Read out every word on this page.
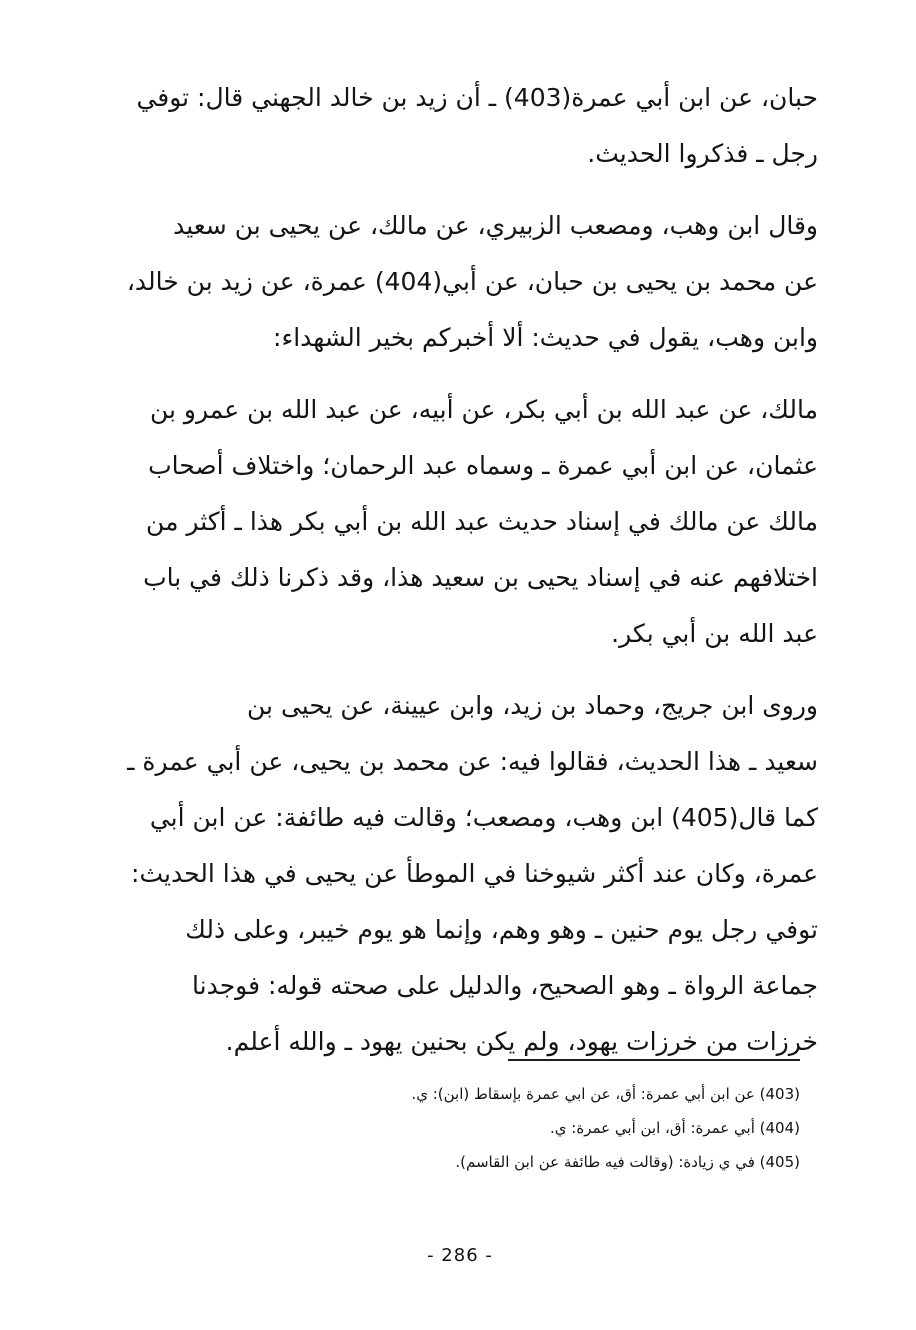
حبان، عن ابن أبي عمرة(403) ـ أن زيد بن خالد الجهني قال: توفي
رجل ـ فذكروا الحديث.
وقال ابن وهب، ومصعب الزبيري، عن مالك، عن يحيى بن سعيد
عن محمد بن يحيى بن حبان، عن أبي(404) عمرة، عن زيد بن خالد،
وابن وهب، يقول في حديث: ألا أخبركم بخير الشهداء:
مالك، عن عبد الله بن أبي بكر، عن أبيه، عن عبد الله بن عمرو بن
عثمان، عن ابن أبي عمرة ـ وسماه عبد الرحمان؛ واختلاف أصحاب
مالك عن مالك في إسناد حديث عبد الله بن أبي بكر هذا ـ أكثر من
اختلافهم عنه في إسناد يحيى بن سعيد هذا، وقد ذكرنا ذلك في باب
عبد الله بن أبي بكر.
وروى ابن جريج، وحماد بن زيد، وابن عيينة، عن يحيى بن
سعيد ـ هذا الحديث، فقالوا فيه: عن محمد بن يحيى، عن أبي عمرة ـ
كما قال(405) ابن وهب، ومصعب؛ وقالت فيه طائفة: عن ابن أبي
عمرة، وكان عند أكثر شيوخنا في الموطأ عن يحيى في هذا الحديث:
توفي رجل يوم حنين ـ وهو وهم، وإنما هو يوم خيبر، وعلى ذلك
جماعة الرواة ـ وهو الصحيح، والدليل على صحته قوله: فوجدنا
خرزات من خرزات يهود، ولم يكن بحنين يهود ـ والله أعلم.
(403) عن ابن أبي عمرة: أق، عن ابي عمرة بإسقاط (ابن): ي.
(404) أبي عمرة: أق، ابن أبي عمرة: ي.
(405) في ي زيادة: (وقالت فيه طائفة عن ابن القاسم).
- 286 -
